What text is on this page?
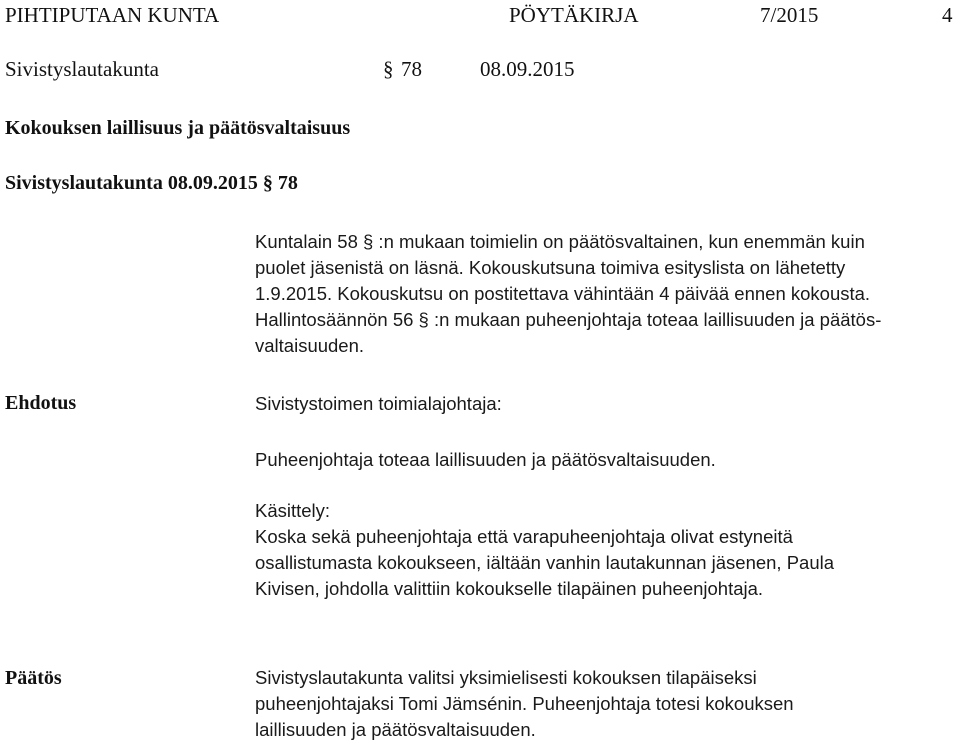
PIHTIPUTAAN KUNTA	PÖYTÄKIRJA	7/2015	4
Sivistyslautakunta	§ 78	08.09.2015
Kokouksen laillisuus ja päätösvaltaisuus
Sivistyslautakunta 08.09.2015 § 78

Kuntalain 58 § :n mukaan toimielin on päätösvaltainen, kun enemmän kuin

puolet jäsenistä on läsnä. Kokouskutsuna toimiva esityslista on lähetetty

1.9.2015. Kokouskutsu on postitettava vähintään 4 päivää ennen kokousta.

Hallintosäännön 56 § :n mukaan puheenjohtaja toteaa laillisuuden ja päätös-

valtaisuuden.

Ehdotus	Sivistystoimen toimialajohtaja:
Puheenjohtaja toteaa laillisuuden ja päätösvaltaisuuden.

Käsittely:

Koska sekä puheenjohtaja että varapuheenjohtaja olivat estyneitä

osallistumasta kokoukseen, iältään vanhin lautakunnan jäsenen, Paula

Kivisen, johdolla valittiin kokoukselle tilapäinen puheenjohtaja.

Päätös	Sivistyslautakunta valitsi yksimielisesti kokouksen tilapäiseksi

puheenjohtajaksi Tomi Jämsénin. Puheenjohtaja totesi kokouksen

laillisuuden ja päätösvaltaisuuden.
